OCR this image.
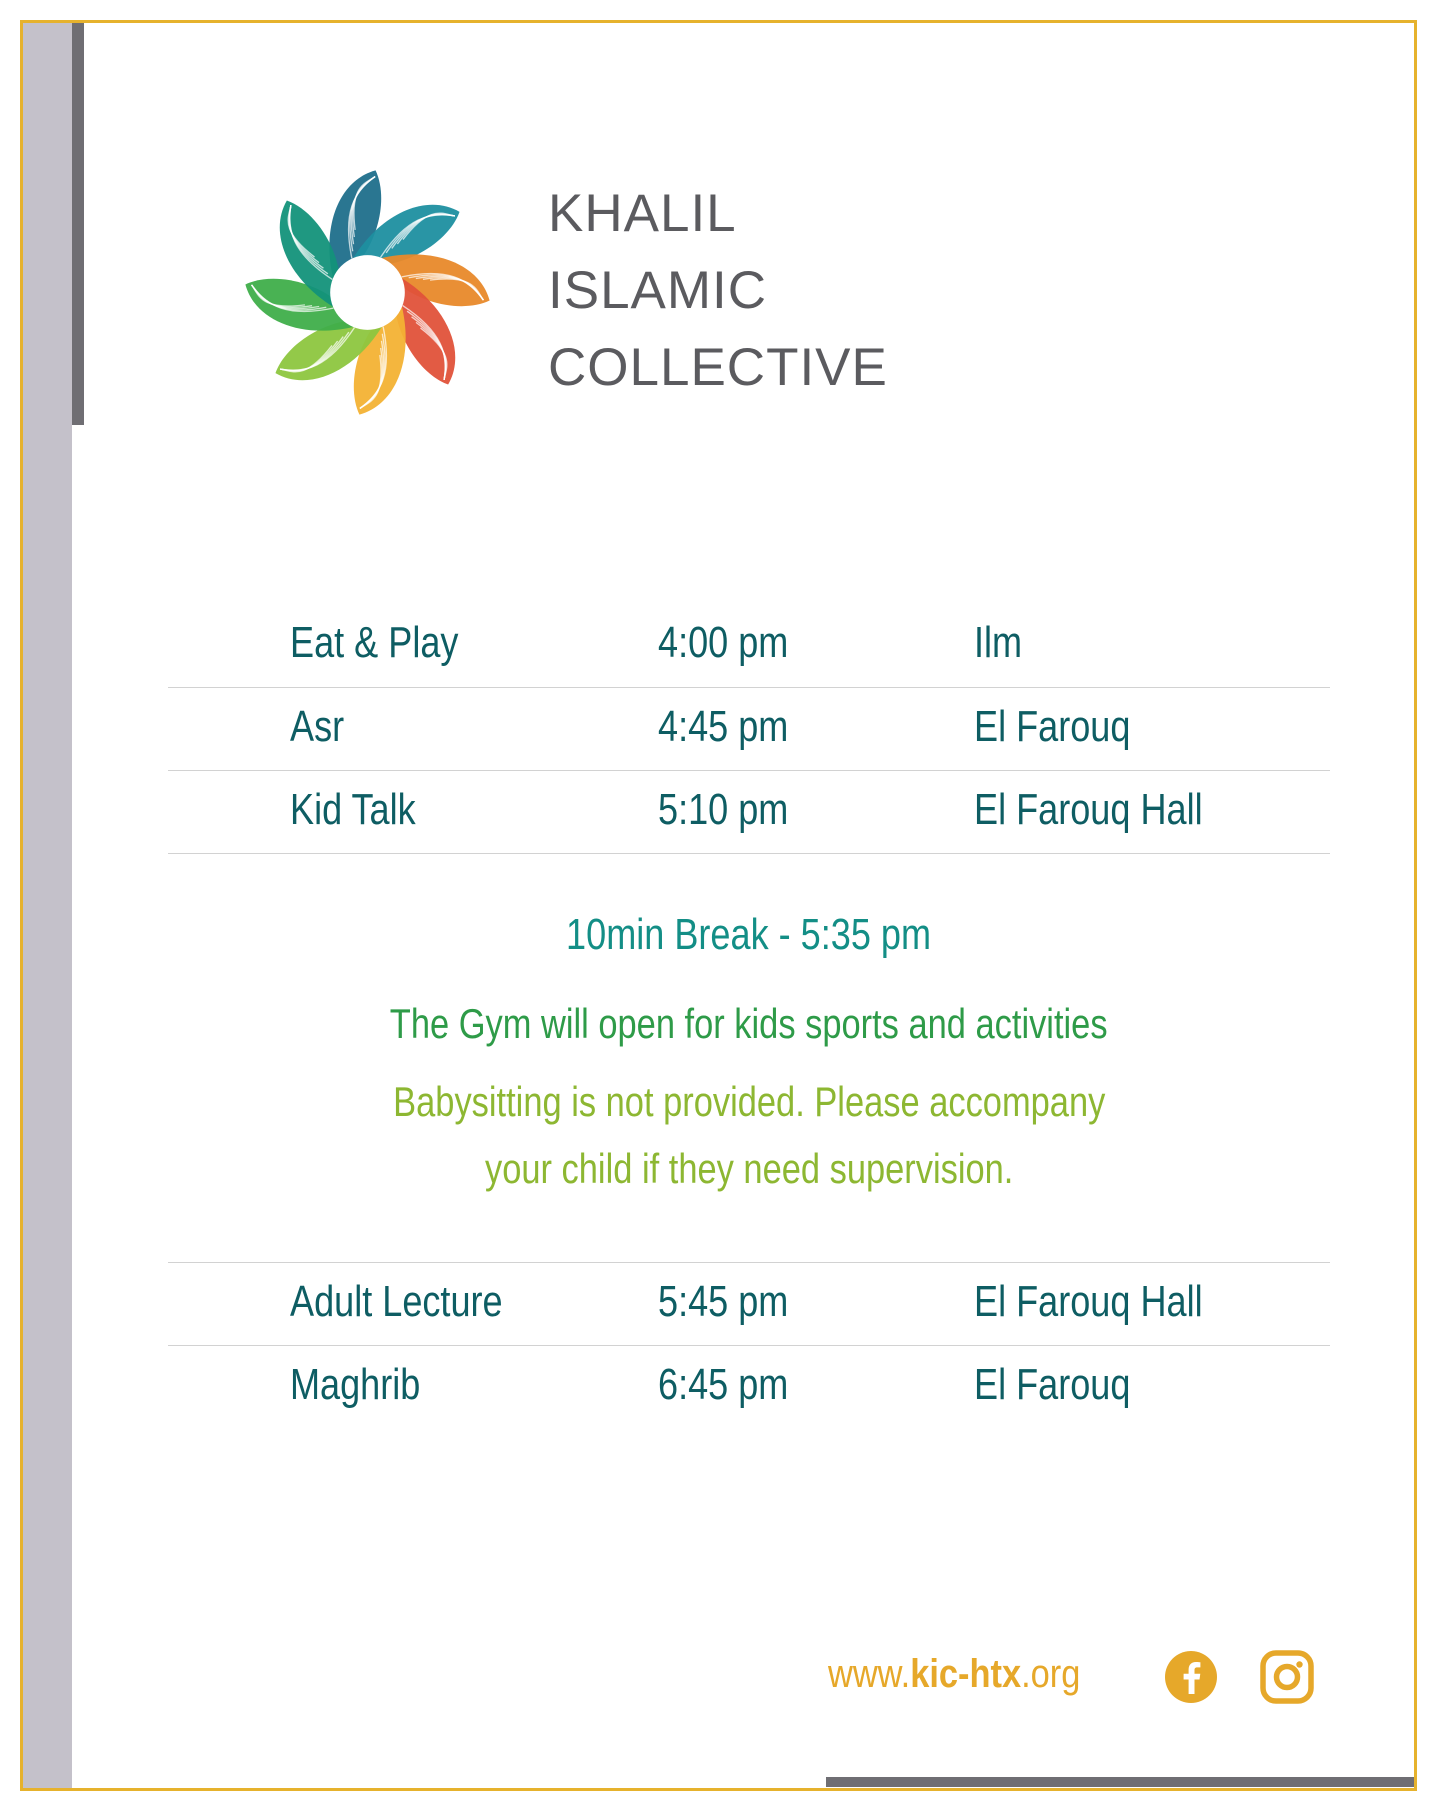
KHALIL
ISLAMIC
COLLECTIVE
Eat & Play	4:00 pm	Ilm
Asr	4:45 pm	El Farouq
Kid Talk	5:10 pm	El Farouq Hall
10min Break - 5:35 pm
The Gym will open for kids sports and activities
Babysitting is not provided. Please accompany
your child if they need supervision.
Adult Lecture	5:45 pm	El Farouq Hall
Maghrib	6:45 pm	El Farouq
www.kic-htx.org
